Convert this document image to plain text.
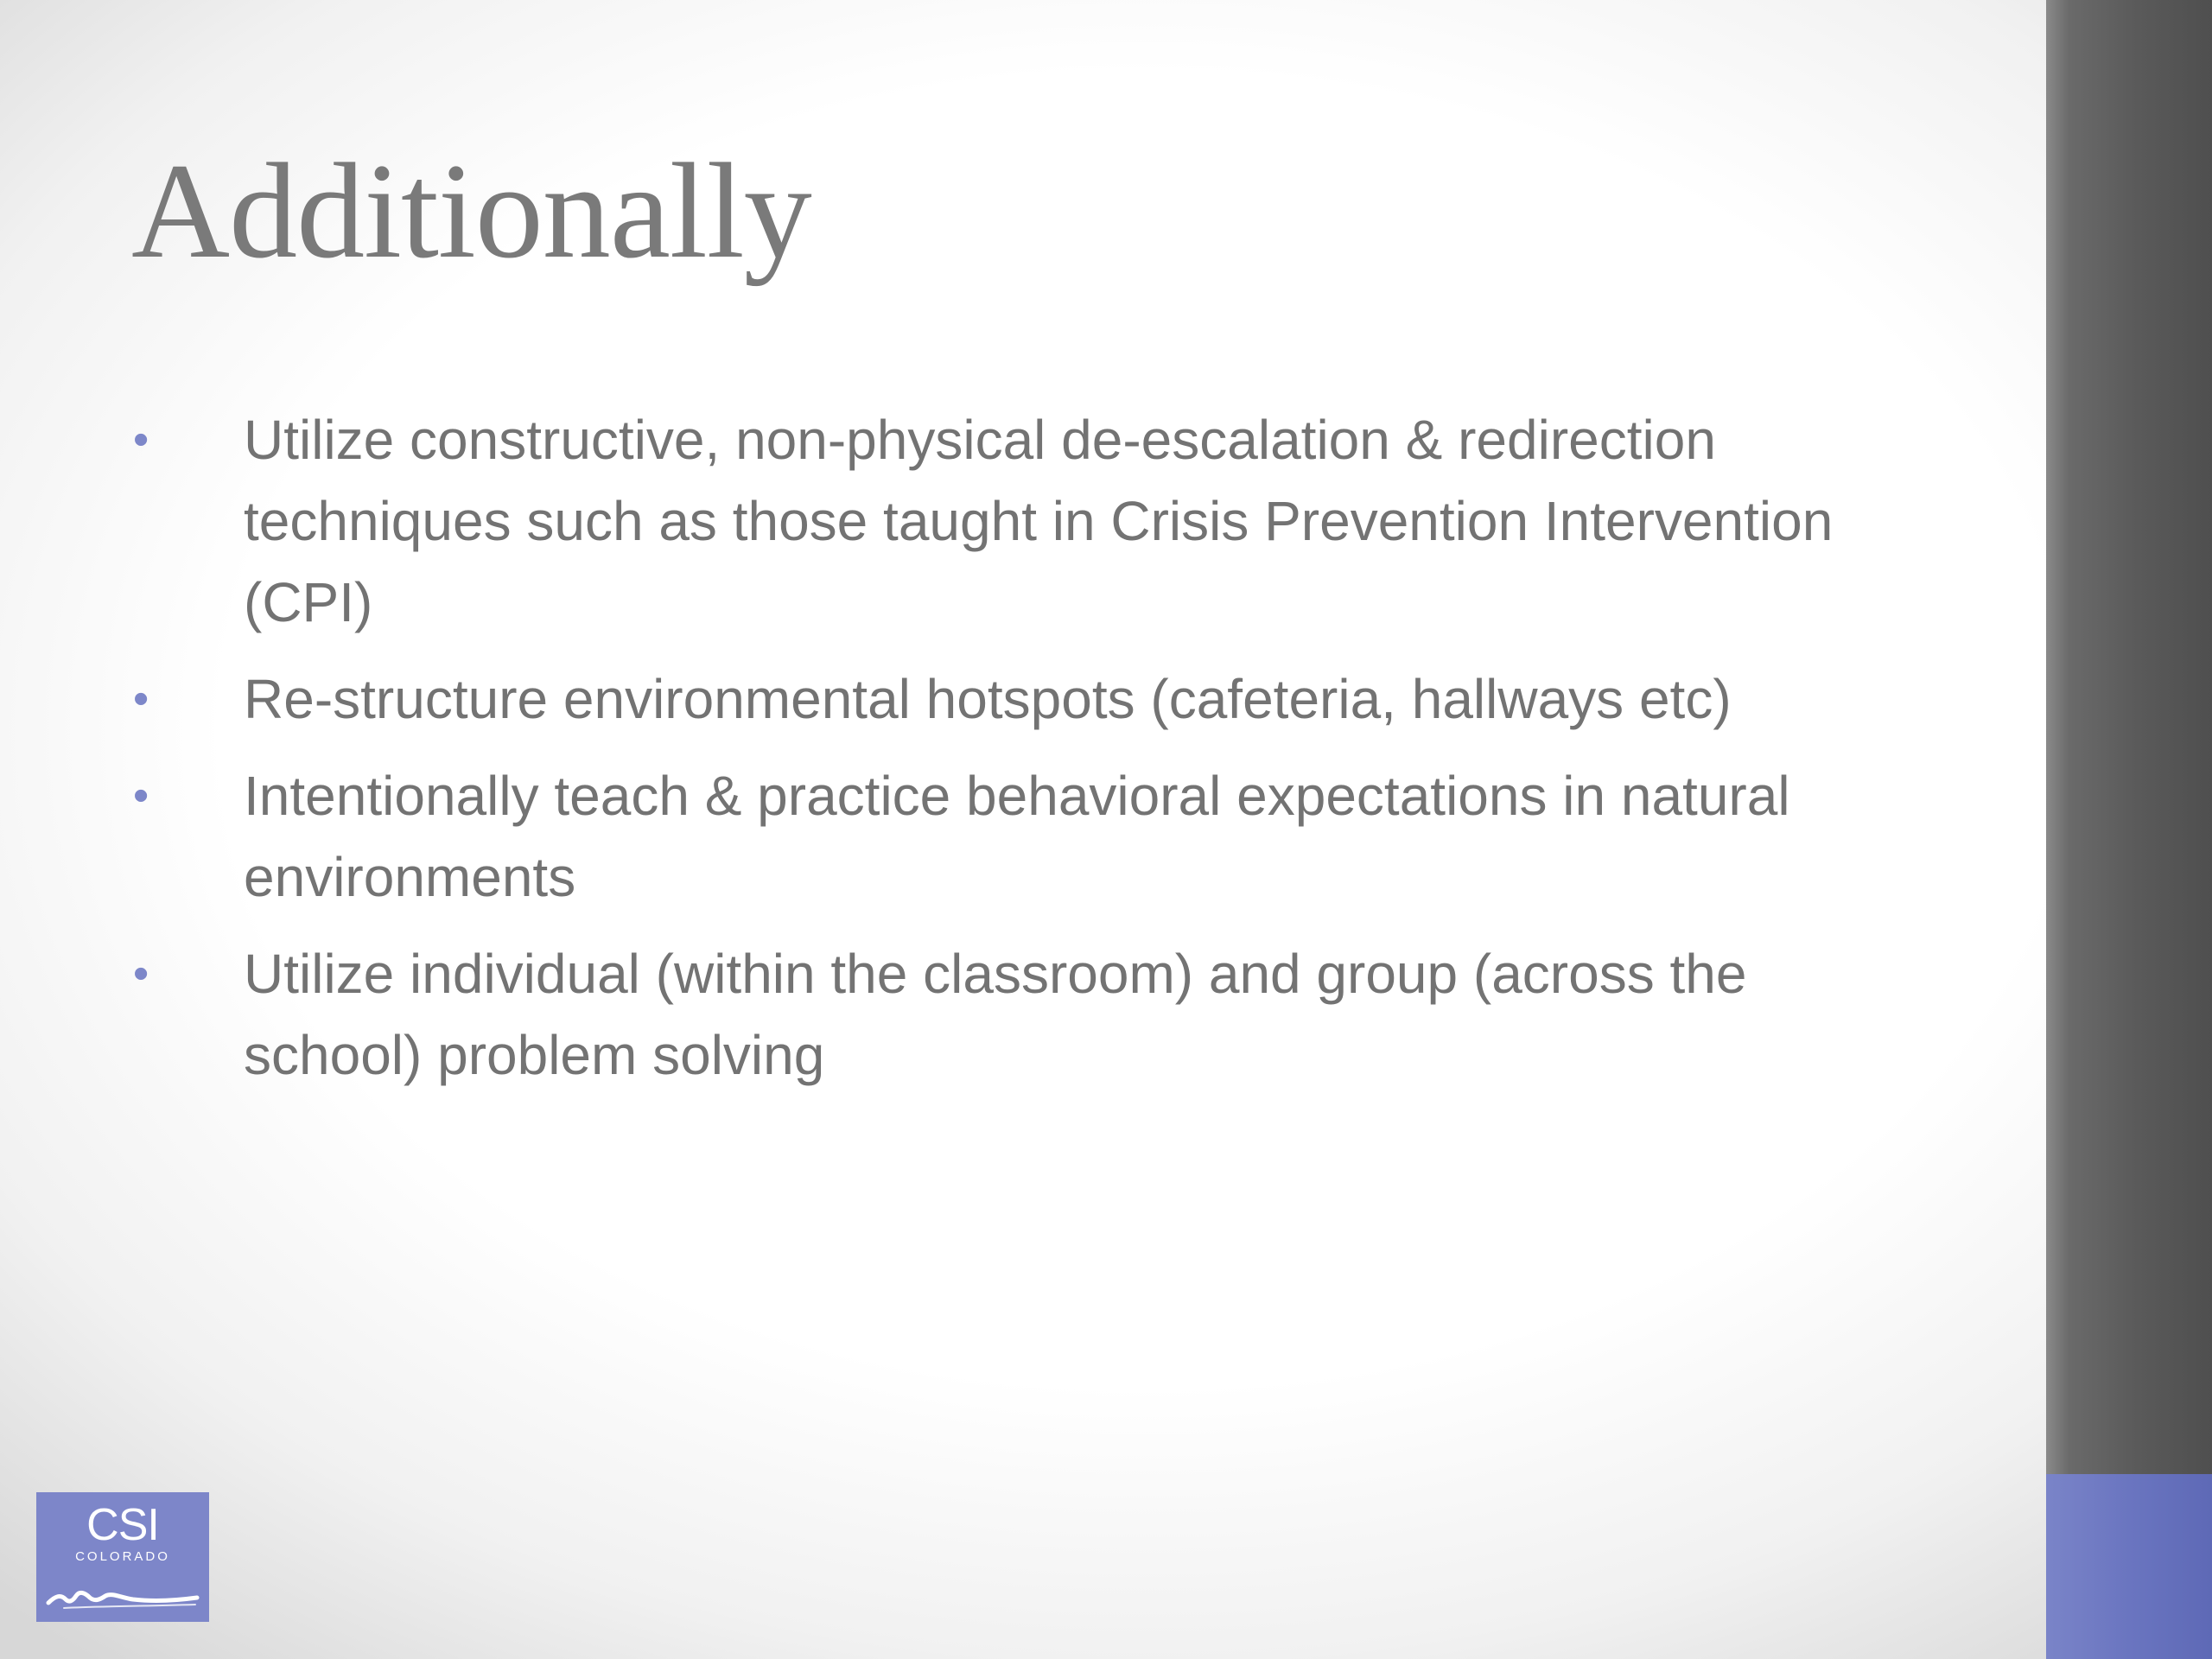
Additionally
• Utilize constructive, non-physical de-escalation & redirection techniques such as those taught in Crisis Prevention Intervention (CPI)
• Re-structure environmental hotspots (cafeteria, hallways etc)
• Intentionally teach & practice behavioral expectations in natural environments
• Utilize individual (within the classroom) and group (across the school) problem solving
CSI
COLORADO
